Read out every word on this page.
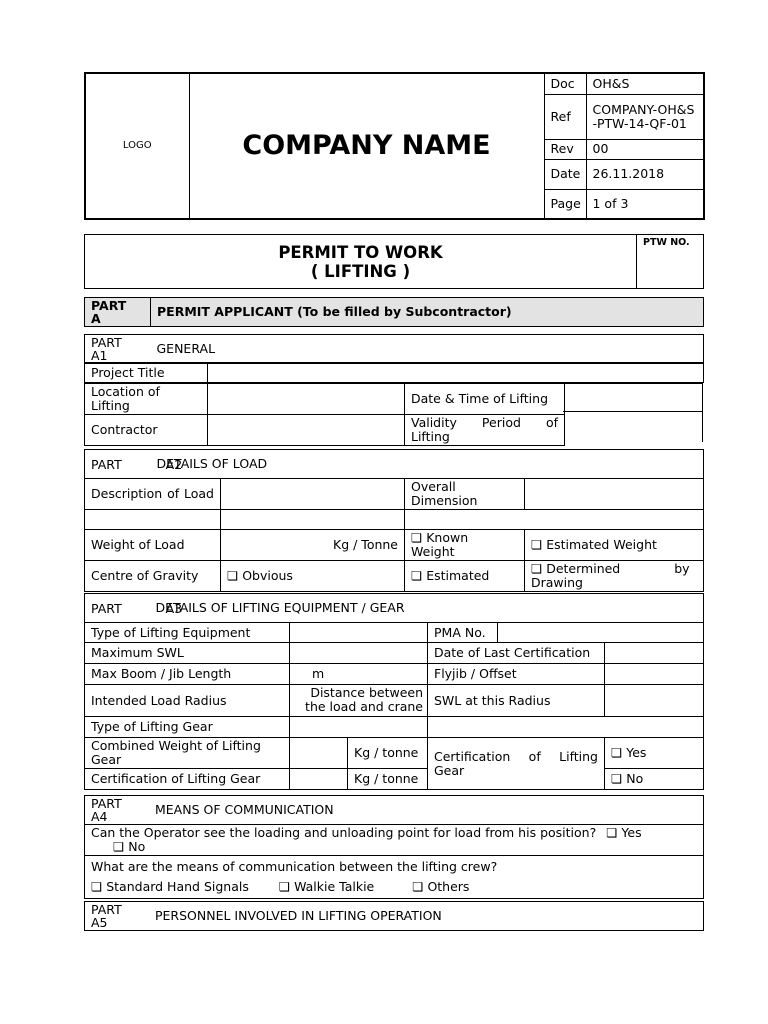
LOGO	COMPANY NAME	Doc	OH&S
		Ref	COMPANY-OH&S-PTW-14-QF-01
		Rev	00
		Date	26.11.2018
		Page	1 of 3
PERMIT TO WORK
( LIFTING )
	PTW NO.
PART A	PERMIT APPLICANT (To be filled by Subcontractor)
PART A1	GENERAL
Project Title	
Location of Lifting		Date & Time of Lifting
Contractor		Validity Period of Lifting
PART A2	DETAILS OF LOAD		
Description of Load		Overall Dimension	

Weight of Load	Kg / Tonne	❏Known Weight	❏Estimated Weight
Centre of Gravity	❏Obvious	❏Estimated	❏Determined by Drawing
PART A3	DETAILS OF LIFTING EQUIPMENT / GEAR				
Type of Lifting Equipment			PMA No.		
Maximum SWL			Date of Last Certification		
Max Boom / Jib Length	m		Flyjib / Offset		
Intended Load Radius	Distance between the load and crane		SWL at this Radius		
Type of Lifting Gear					
Combined Weight of Lifting Gear		Kg / tonne	Certification of Lifting Gear	❏ Yes
Certification of Lifting Gear		Kg / tonne	❏No
PART A4	MEANS OF COMMUNICATION
Can the Operator see the loading and unloading point for load from his position? ❏ Yes ❏ No

What are the means of communication between the lifting crew?
❏ Standard Hand Signals ❏	Walkie Talkie ❏	Others
PART A5	PERSONNEL INVOLVED IN LIFTING OPERATION
